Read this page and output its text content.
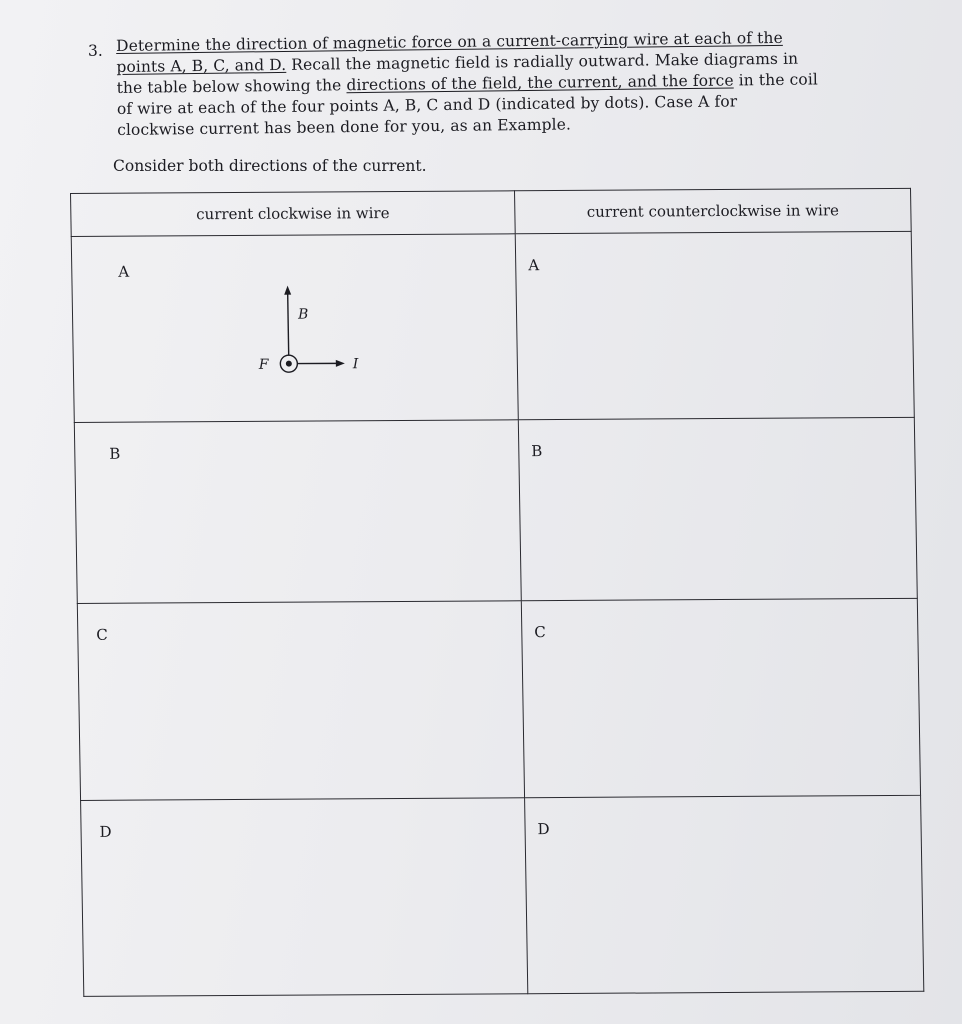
3. Determine the direction of magnetic force on a current-carrying wire at each of the
points A, B, C, and D. Recall the magnetic field is radially outward. Make diagrams in
the table below showing the directions of the field, the current, and the force in the coil
of wire at each of the four points A, B, C and D (indicated by dots). Case A for
clockwise current has been done for you, as an Example.
Consider both directions of the current.
current clockwise in wire	current counterclockwise in wire

A
B
F I	A

B	B

C	C

D	D
